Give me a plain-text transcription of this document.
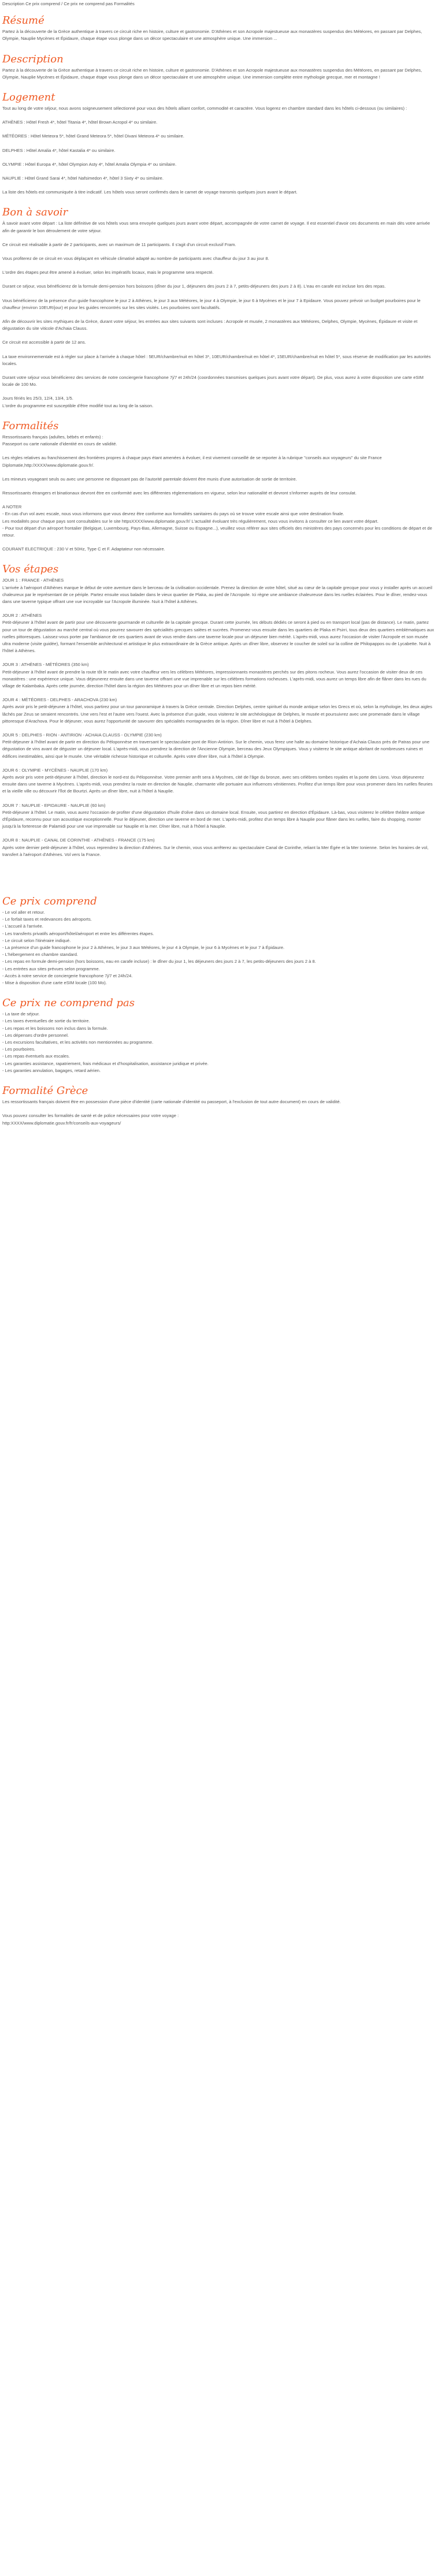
Description Ce prix comprend / Ce prix ne comprend pas Formalités

Résumé

Partez à la découverte de la Grèce authentique à travers ce circuit riche en histoire, culture et gastronomie. D'Athènes et son Acropole majestueuse aux monastères suspendus des Météores, en passant par Delphes, Olympie, Nauplie Mycènes et Épidaure, chaque étape vous plonge dans un décor spectaculaire et une atmosphère unique. Une immersion ...

Description

Partez à la découverte de la Grèce authentique à travers ce circuit riche en histoire, culture et gastronomie. D'Athènes et son Acropole majestueuse aux monastères suspendus des Météores, en passant par Delphes, Olympie, Nauplie Mycènes et Épidaure, chaque étape vous plonge dans un décor spectaculaire et une atmosphère unique. Une immersion complète entre mythologie grecque, mer et montagne !

Logement

Tout au long de votre séjour, nous avons soigneusement sélectionné pour vous des hôtels alliant confort, commodité et caractère. Vous logerez en chambre standard dans les hôtels ci-dessous (ou similaires) :

ATHÈNES : Hôtel Fresh 4*, hôtel Titania 4*, hôtel Brown Acropol 4* ou similaire.

MÉTÉORES : Hôtel Meteora 5*, hôtel Grand Meteora 5*, hôtel Divani Meteora 4* ou similaire.

DELPHES : Hôtel Amalia 4*, hôtel Kastalia 4* ou similaire.

OLYMPIE : Hôtel Europa 4*, hôtel Olympion Asty 4*, hôtel Amalia Olympia 4* ou similaire.

NAUPLIE : Hôtel Grand Sarai 4*, hôtel Nafsimedon 4*, hôtel 3 Sixty 4* ou similaire.

La liste des hôtels est communiquée à titre indicatif. Les hôtels vous seront confirmés dans le carnet de voyage transmis quelques jours avant le départ.

Bon à savoir

À savoir avant votre départ : La liste définitive de vos hôtels vous sera envoyée quelques jours avant votre départ, accompagnée de votre carnet de voyage. Il est essentiel d'avoir ces documents en main dès votre arrivée afin de garantir le bon déroulement de votre séjour.

Ce circuit est réalisable à partir de 2 participants, avec un maximum de 11 participants. Il s'agit d'un circuit exclusif Fram.

Vous profiterez de ce circuit en vous déplaçant en véhicule climatisé adapté au nombre de participants avec chauffeur du jour 3 au jour 8.

L'ordre des étapes peut être amené à évoluer, selon les impératifs locaux, mais le programme sera respecté.

Durant ce séjour, vous bénéficierez de la formule demi-pension hors boissons (dîner du jour 1, déjeuners des jours 2 à 7, petits-déjeuners des jours 2 à 8). L'eau en carafe est incluse lors des repas.

Vous bénéficierez de la présence d'un guide francophone le jour 2 à Athènes, le jour 3 aux Météores, le jour 4 à Olympie, le jour 6 à Mycènes et le jour 7 à Epidaure. Vous pouvez prévoir un budget pourboires pour le chauffeur (environ 10EUR/jour) et pour les guides rencontrés sur les sites visités. Les pourboires sont facultatifs.

Afin de découvrir les sites mythiques de la Grèce, durant votre séjour, les entrées aux sites suivants sont incluses : Acropole et musée, 2 monastères aux Météores, Delphes, Olympie, Mycènes, Épidaure et visite et dégustation du site viticole d'Achaia Clauss.

Ce circuit est accessible à partir de 12 ans.

La taxe environnementale est à régler sur place à l'arrivée à chaque hôtel : 5EUR/chambre/nuit en hôtel 3*, 10EUR/chambre/nuit en hôtel 4*, 15EUR/chambre/nuit en hôtel 5*, sous réserve de modification par les autorités locales.

Durant votre séjour vous bénéficierez des services de notre conciergerie francophone 7j/7 et 24h/24 (coordonnées transmises quelques jours avant votre départ). De plus, vous aurez à votre disposition une carte eSIM locale de 100 Mo.

Jours fériés les 25/3, 12/4, 13/4, 1/5.
L'ordre du programme est susceptible d'être modifié tout au long de la saison.

Formalités

Ressortissants français (adultes, bébés et enfants) :
Passeport ou carte nationale d'identité en cours de validité.

Les règles relatives au franchissement des frontières propres à chaque pays étant amenées à évoluer, il est vivement conseillé de se reporter à la rubrique "conseils aux voyageurs" du site France Diplomatie,http:/XXXX/www.diplomatie.gouv.fr/.

Les mineurs voyageant seuls ou avec une personne ne disposant pas de l'autorité parentale doivent être munis d'une autorisation de sortie de territoire.

Ressortissants étrangers et binationaux devront être en conformité avec les différentes réglementations en vigueur, selon leur nationalité et devront s'informer auprès de leur consulat.

A NOTER
- En cas d'un vol avec escale, nous vous informons que vous devrez être conforme aux formalités sanitaires du pays où se trouve votre escale ainsi que votre destination finale.
Les modalités pour chaque pays sont consultables sur le site httpsXXXX/www.diplomatie.gouv.fr/ L'actualité évoluant très régulièrement, nous vous invitons à consulter ce lien avant votre départ.
- Pour tout départ d'un aéroport frontalier (Belgique, Luxembourg, Pays-Bas, Allemagne, Suisse ou Espagne...), veuillez vous référer aux sites officiels des ministères des pays concernés pour les conditions de départ et de retour.

COURANT ELECTRIQUE : 230 V et 50Hz, Type C et F. Adaptateur non nécessaire.

Vos étapes
JOUR 1 : FRANCE - ATHÈNES
L'arrivée à l'aéroport d'Athènes marque le début de votre aventure dans le berceau de la civilisation occidentale. Prenez la direction de votre hôtel, situé au cœur de la capitale grecque pour vous y installer après un accueil chaleureux par le représentant de ce périple. Partez ensuite vous balader dans le vieux quartier de Plaka, au pied de l'Acropole. Ici règne une ambiance chaleureuse dans les ruelles éclairées. Pour le dîner, rendez-vous dans une taverne typique offrant une vue incroyable sur l'Acropole illuminée. Nuit à l'hôtel à Athènes.
JOUR 2 : ATHÈNES
Petit-déjeuner à l'hôtel avant de partir pour une découverte gourmande et culturelle de la capitale grecque. Durant cette journée, les débuts dédiés ce seront à pied ou en transport local (pas de distance). Le matin, partez pour un tour de dégustation au marché central où vous pourrez savourer des spécialités grecques salées et sucrées. Promenez-vous ensuite dans les quartiers de Plaka et Psirri, tous deux des quartiers emblématiques aux ruelles pittoresques. Laissez-vous porter par l'ambiance de ces quartiers avant de vous rendre dans une taverne locale pour un déjeuner bien mérité. L'après-midi, vous aurez l'occasion de visiter l'Acropole et son musée ultra moderne (visite guidée), formant l'ensemble architectural et artistique le plus extraordinaire de la Grèce antique. Après un dîner libre, observez le coucher de soleil sur la colline de Philopappos ou de Lycabette. Nuit à l'hôtel à Athènes.
JOUR 3 : ATHÈNES - MÉTÉORES (350 km)
Petit-déjeuner à l'hôtel avant de prendre la route tôt le matin avec votre chauffeur vers les célèbres Météores, impressionnants monastères perchés sur des pitons rocheux. Vous aurez l'occasion de visiter deux de ces monastères : une expérience unique. Vous déjeunerez ensuite dans une taverne offrant une vue imprenable sur les célèbres formations rocheuses. L'après-midi, vous aurez un temps libre afin de flâner dans les rues du village de Kalambaka. Après cette journée, direction l'hôtel dans la région des Météores pour un dîner libre et un repos bien mérité.
JOUR 4 : MÉTÉORES - DELPHES - ARACHOVA (230 km)
Après avoir pris le petit-déjeuner à l'hôtel, vous partirez pour un tour panoramique à travers la Grèce centrale. Direction Delphes, centre spirituel du monde antique selon les Grecs et où, selon la mythologie, les deux aigles lâchés par Zeus se seraient rencontrés. Une vers l'est et l'autre vers l'ouest. Avec la présence d'un guide, vous visiterez le site archéologique de Delphes, le musée et poursuivrez avec une promenade dans le village pittoresque d'Arachova. Pour le déjeuner, vous aurez l'opportunité de savourer des spécialités montagnardes de la région. Dîner libre et nuit à l'hôtel à Delphes.
JOUR 5 : DELPHES - RION - ANTIRION - ACHAIA CLAUSS - OLYMPIE (230 km)
Petit-déjeuner à l'hôtel avant de partir en direction du Péloponnèse en traversant le spectaculaire pont de Rion-Antirion. Sur le chemin, vous ferez une halte au domaine historique d'Achaia Clauss près de Patras pour une dégustation de vins avant de déguster un déjeuner local. L'après-midi, vous prendrez la direction de l'Ancienne Olympie, berceau des Jeux Olympiques. Vous y visiterez le site antique abritant de nombreuses ruines et édifices inestimables, ainsi que le musée. Une véritable richesse historique et culturelle. Après votre dîner libre, nuit à l'hôtel à Olympie.
JOUR 6 : OLYMPIE - MYCÈNES - NAUPLIE (170 km)
Après avoir pris votre petit-déjeuner à l'hôtel, direction le nord-est du Péloponnèse. Votre premier arrêt sera à Mycènes, cité de l'âge du bronze, avec ses célèbres tombes royales et la porte des Lions. Vous déjeunerez ensuite dans une taverne à Mycènes. L'après-midi, vous prendrez la route en direction de Nauplie, charmante ville portuaire aux influences vénitiennes. Profitez d'un temps libre pour vous promener dans les ruelles fleuries et la vieille ville ou découvrir l'îlot de Bourtzi. Après un dîner libre, nuit à l'hôtel à Nauplie.
JOUR 7 : NAUPLIE - EPIDAURE - NAUPLIE (60 km)
Petit-déjeuner à l'hôtel. Le matin, vous aurez l'occasion de profiter d'une dégustation d'huile d'olive dans un domaine local. Ensuite, vous partirez en direction d'Épidaure. Là-bas, vous visiterez le célèbre théâtre antique d'Épidaure, reconnu pour son acoustique exceptionnelle. Pour le déjeuner, direction une taverne en bord de mer. L'après-midi, profitez d'un temps libre à Nauplie pour flâner dans les ruelles, faire du shopping, monter jusqu'à la forteresse de Palamidi pour une vue imprenable sur Nauplie et la mer. Dîner libre, nuit à l'hôtel à Nauplie.
JOUR 8 : NAUPLIE - CANAL DE CORINTHE - ATHÈNES - FRANCE (175 km)
Après votre dernier petit-déjeuner à l'hôtel, vous reprendrez la direction d'Athènes. Sur le chemin, vous vous arrêterez au spectaculaire Canal de Corinthe, reliant la Mer Égée et la Mer Ionienne. Selon les horaires de vol, transfert à l'aéroport d'Athènes. Vol vers la France.
Ce prix comprend
- Le vol aller et retour.
- Le forfait taxes et redevances des aéroports.
- L'accueil à l'arrivée.
- Les transferts privatifs aéroport/hôtel/aéroport et entre les différentes étapes.
- Le circuit selon l'itinéraire indiqué.
- La présence d'un guide francophone le jour 2 à Athènes, le jour 3 aux Météores, le jour 4 à Olympie, le jour 6 à Mycènes et le jour 7 à Épidaure.
- L'hébergement en chambre standard.
- Les repas en formule demi-pension (hors boissons, eau en carafe incluse) : le dîner du jour 1, les déjeuners des jours 2 à 7, les petits-déjeuners des jours 2 à 8.
- Les entrées aux sites prévues selon programme.
- Accès à notre service de conciergerie francophone 7j/7 et 24h/24.
- Mise à disposition d'une carte eSIM locale (100 Mo).
Ce prix ne comprend pas
- La taxe de séjour.
- Les taxes éventuelles de sortie du territoire.
- Les repas et les boissons non inclus dans la formule.
- Les dépenses d'ordre personnel.
- Les excursions facultatives, et les activités non mentionnées au programme.
- Les pourboires.
- Les repas éventuels aux escales.
- Les garanties assistance, rapatriement, frais médicaux et d'hospitalisation, assistance juridique et privée.
- Les garanties annulation, bagages, retard aérien.
Formalité Grèce

Les ressortissants français doivent être en possession d'une pièce d'identité (carte nationale d'identité ou passeport, à l'exclusion de tout autre document) en cours de validité.

Vous pouvez consulter les formalités de santé et de police nécessaires pour votre voyage :
http:XXXX/www.diplomatie.gouv.fr/fr/conseils-aux-voyageurs/
